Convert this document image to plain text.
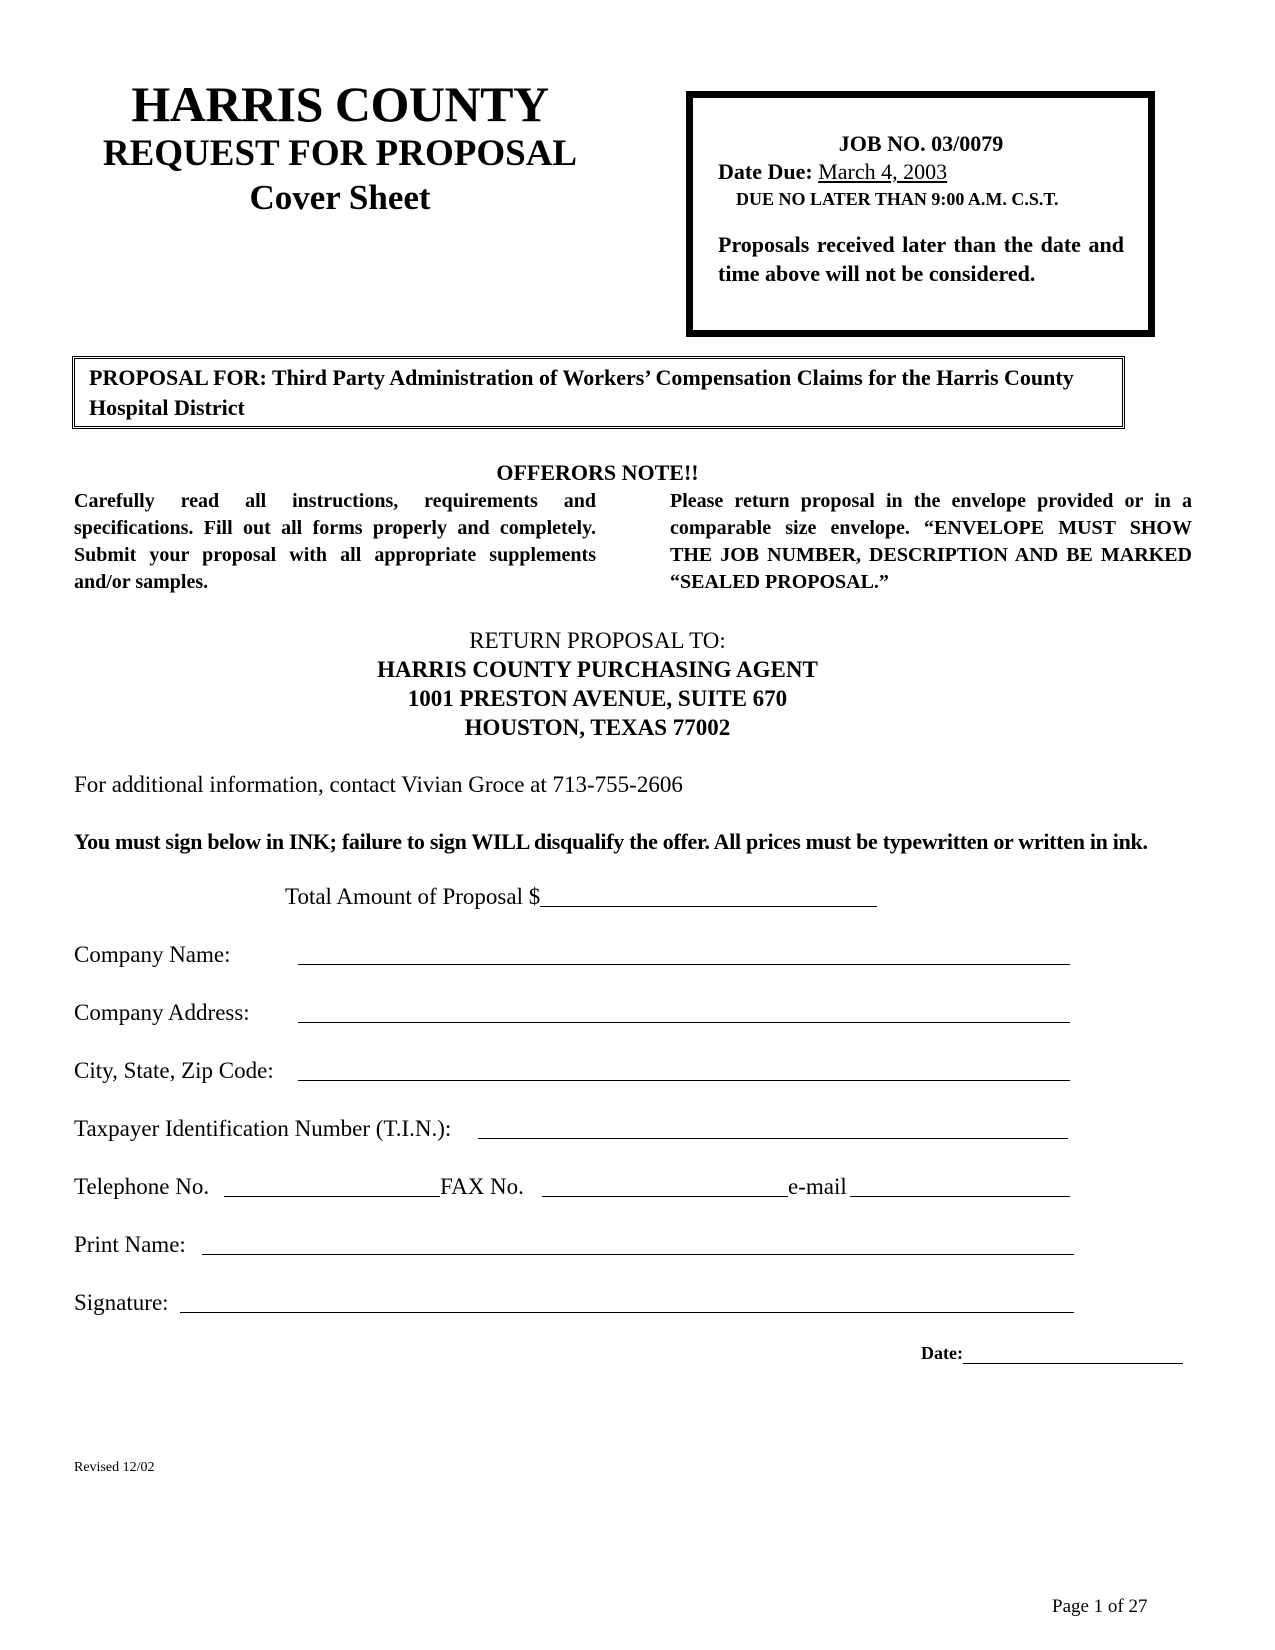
HARRIS COUNTY
REQUEST FOR PROPOSAL
Cover Sheet
JOB NO. 03/0079
Date Due: March 4, 2003
DUE NO LATER THAN 9:00 A.M. C.S.T.
Proposals received later than the date and time above will not be considered.
PROPOSAL FOR: Third Party Administration of Workers’ Compensation Claims for the Harris County Hospital District
OFFERORS NOTE!!
Carefully read all instructions, requirements and specifications. Fill out all forms properly and completely. Submit your proposal with all appropriate supplements and/or samples.
Please return proposal in the envelope provided or in a comparable size envelope. “ENVELOPE MUST SHOW THE JOB NUMBER, DESCRIPTION AND BE MARKED “SEALED PROPOSAL.”
RETURN PROPOSAL TO:
HARRIS COUNTY PURCHASING AGENT
1001 PRESTON AVENUE, SUITE 670
HOUSTON, TEXAS 77002
For additional information, contact Vivian Groce at 713-755-2606
You must sign below in INK; failure to sign WILL disqualify the offer. All prices must be typewritten or written in ink.
Total Amount of Proposal $
Company Name:
Company Address:
City, State, Zip Code:
Taxpayer Identification Number (T.I.N.):
Telephone No.	FAX No.	e-mail
Print Name:
Signature:
Date:
Revised 12/02
Page 1 of 27
